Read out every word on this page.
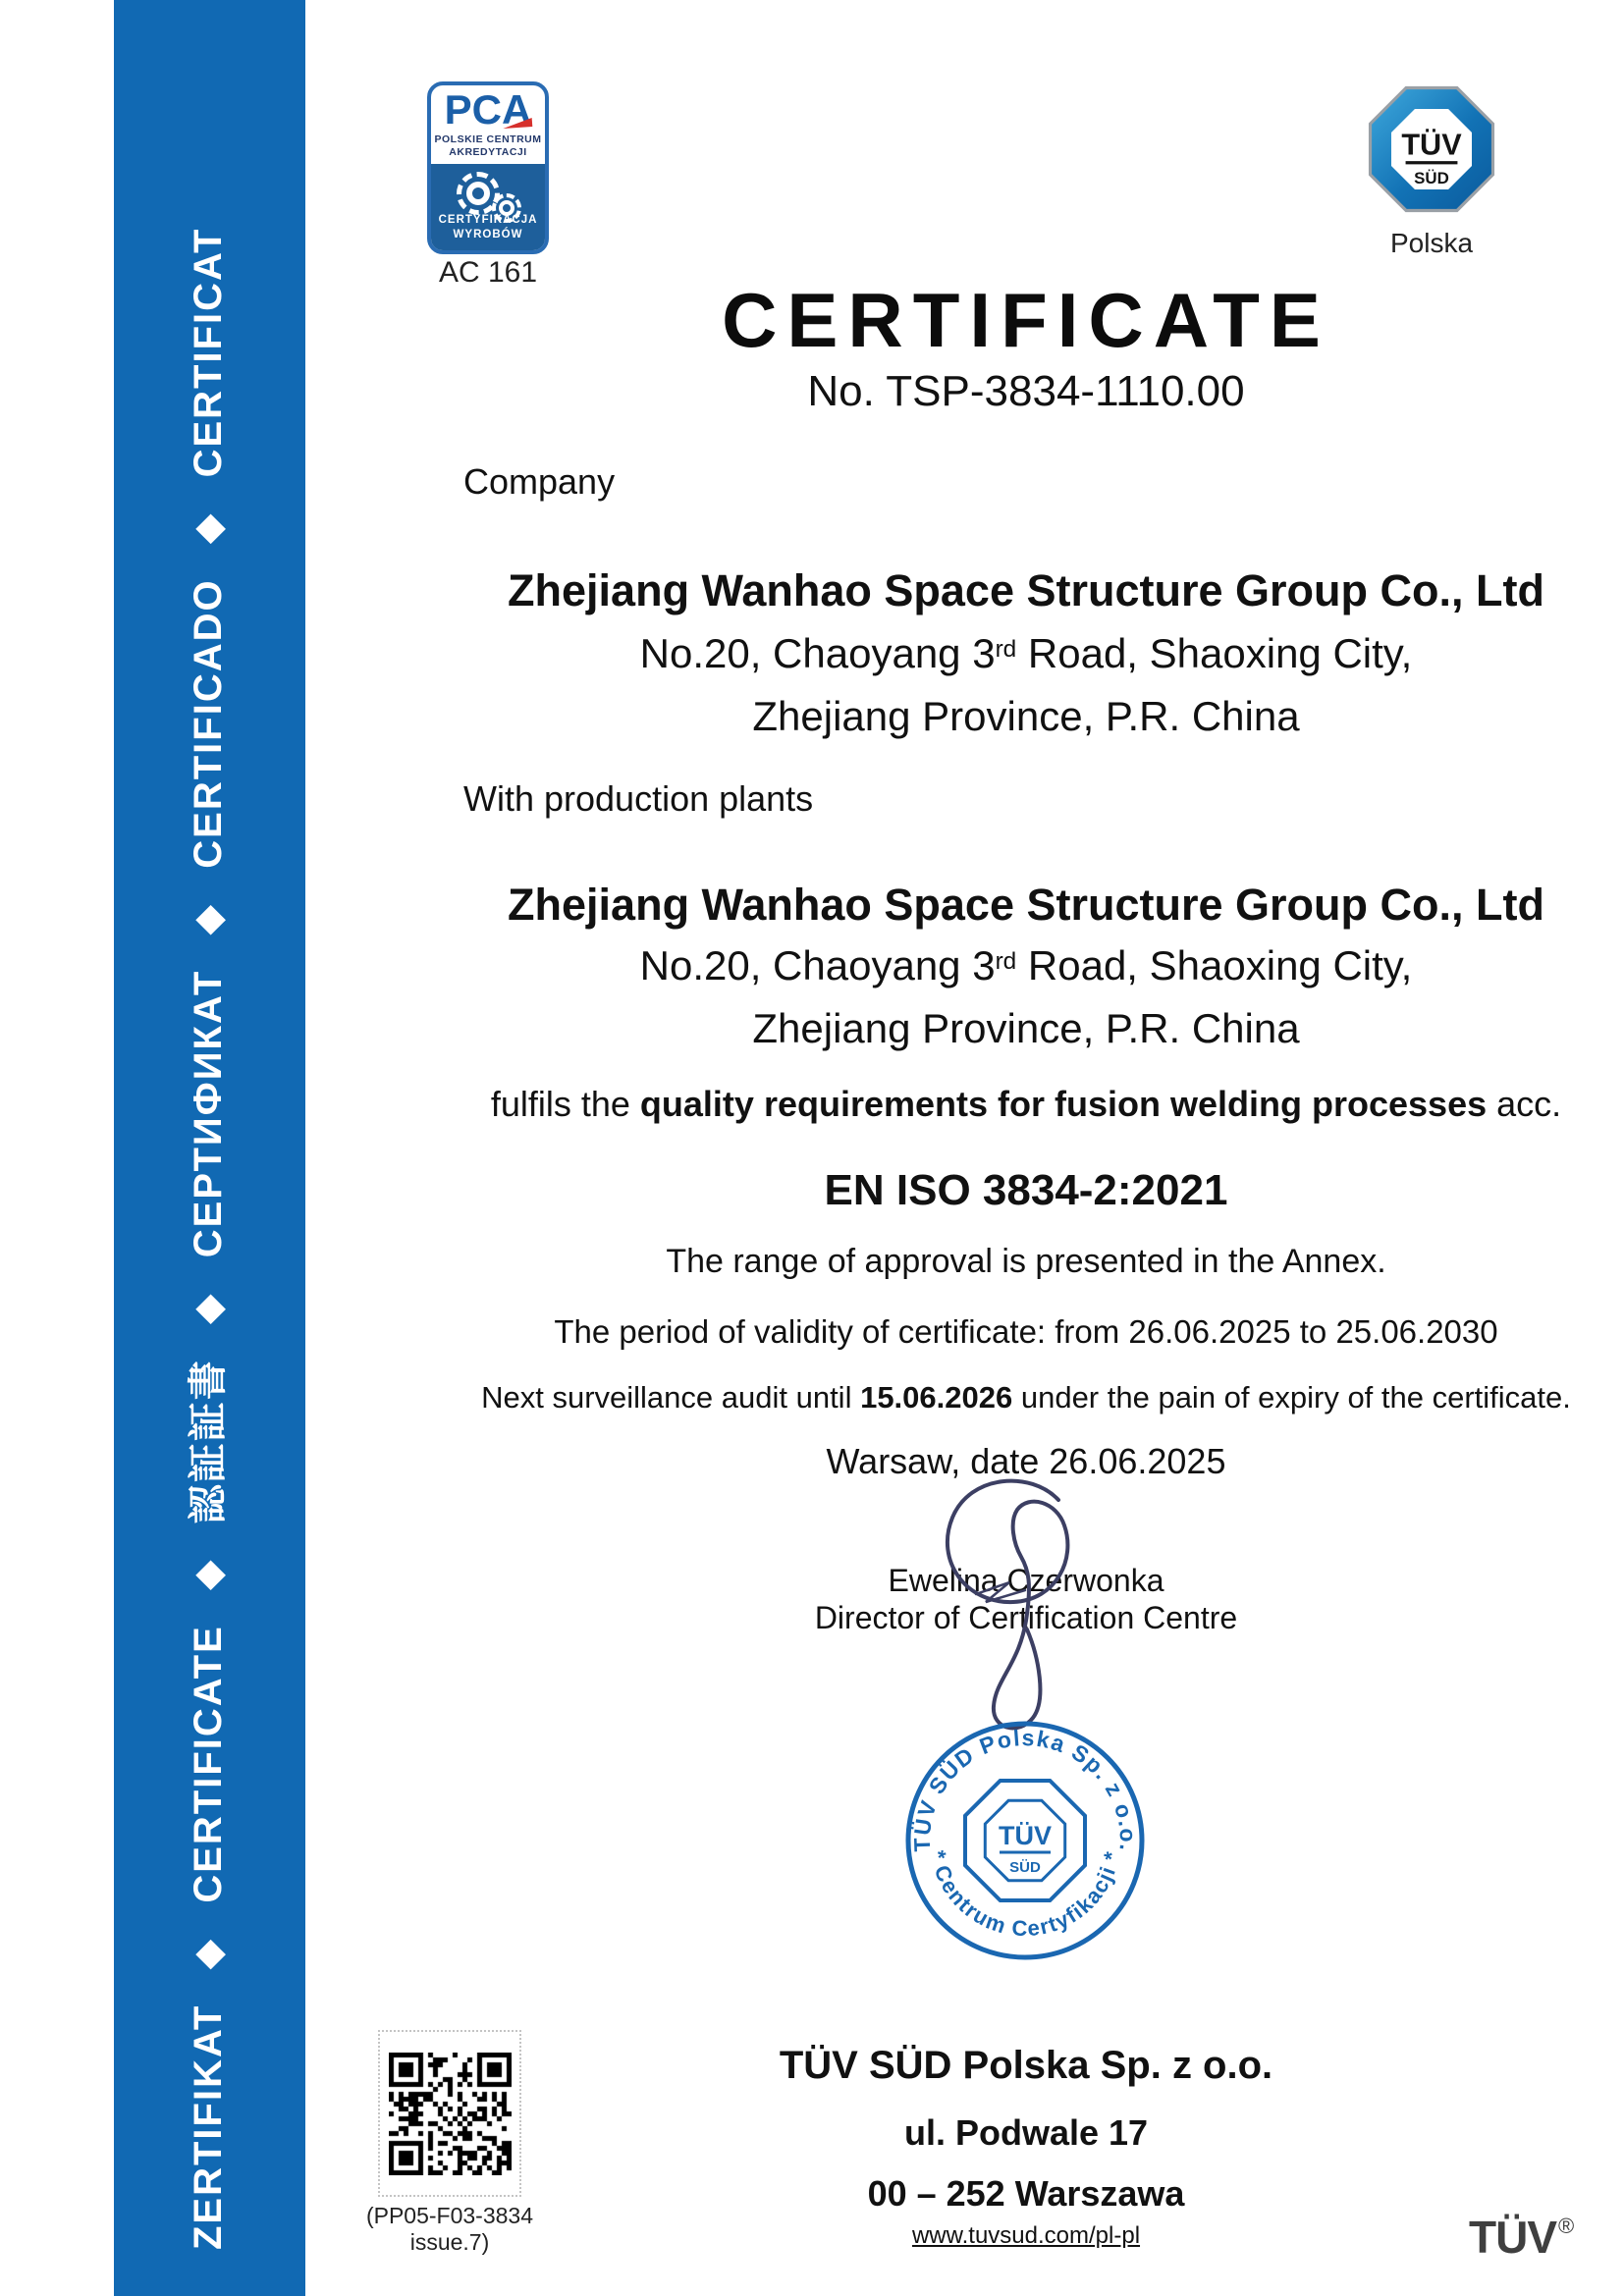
ZERTIFIKAT ◆ CERTIFICATE ◆ 認証証書 ◆ СЕРТИФИКАТ ◆ CERTIFICADO ◆ CERTIFICAT
PCA
POLSKIE CENTRUM
AKREDYTACJI
CERTYFIKACJA
WYROBÓW
AC 161
TÜV
SÜD
Polska
CERTIFICATE
No. TSP-3834-1110.00
Company
Zhejiang Wanhao Space Structure Group Co., Ltd
No.20, Chaoyang 3rd Road, Shaoxing City,
Zhejiang Province, P.R. China
With production plants
Zhejiang Wanhao Space Structure Group Co., Ltd
No.20, Chaoyang 3rd Road, Shaoxing City,
Zhejiang Province, P.R. China
fulfils the quality requirements for fusion welding processes acc.
EN ISO 3834-2:2021
The range of approval is presented in the Annex.
The period of validity of certificate: from 26.06.2025 to 25.06.2030
Next surveillance audit until 15.06.2026 under the pain of expiry of the certificate.
Warsaw, date 26.06.2025
Ewelina Czerwonka
Director of Certification Centre
TÜV SÜD Polska Sp. z o.o.
ul. Podwale 17
00 – 252 Warszawa
www.tuvsud.com/pl-pl
TÜV SÜD Polska Sp. z o.o.
* Centrum Certyfikacji *
TÜV
SÜD
(PP05-F03-3834 issue.7)	TÜV®
